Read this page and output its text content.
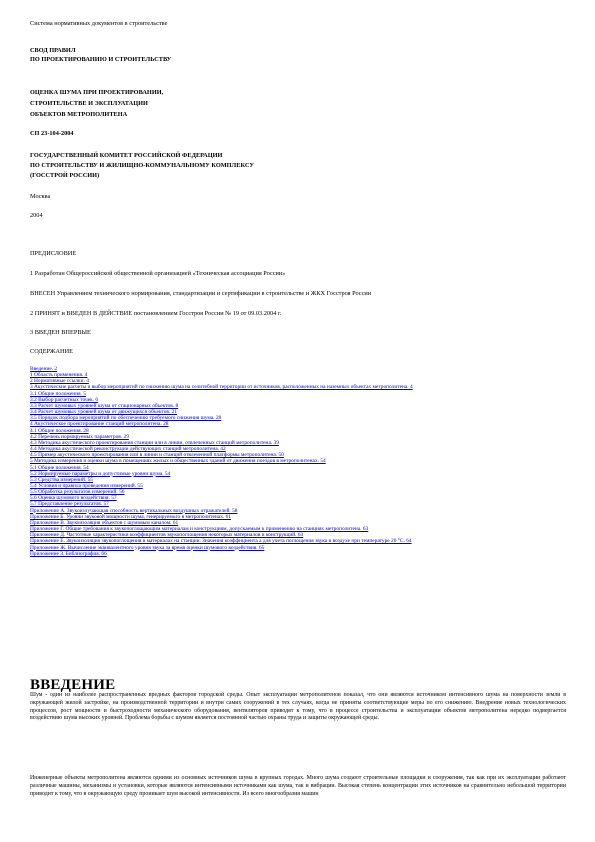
Система нормативных документов в строительстве
СВОД ПРАВИЛ
ПО ПРОЕКТИРОВАНИЮ И СТРОИТЕЛЬСТВУ
ОЦЕНКА ШУМА ПРИ ПРОЕКТИРОВАНИИ,
СТРОИТЕЛЬСТВЕ И ЭКСПЛУАТАЦИИ
ОБЪЕКТОВ МЕТРОПОЛИТЕНА
СП 23-104-2004
ГОСУДАРСТВЕННЫЙ КОМИТЕТ РОССИЙСКОЙ ФЕДЕРАЦИИ
ПО СТРОИТЕЛЬСТВУ И ЖИЛИЩНО-КОММУНАЛЬНОМУ КОМПЛЕКСУ
(ГОССТРОЙ РОССИИ)
Москва
2004
ПРЕДИСЛОВИЕ
1 Разработан Общероссийской общественной организацией «Техническая ассоциация России»
ВНЕСЕН Управлением технического нормирования, стандартизации и сертификации в строительстве и ЖКХ Госстроя России
2 ПРИНЯТ и ВВЕДЕН В ДЕЙСТВИЕ постановлением Госстроя России № 19 от 09.03.2004 г.
3 ВВЕДЕН ВПЕРВЫЕ
СОДЕРЖАНИЕ
Введение. 2
1 Область применения. 4
2 Нормативные ссылки. 4
3 Акустические расчеты и выбор мероприятий по снижению шума на селитебной территории от источников, расположенных на наземных объектах метрополитена. 4
3.1 Общие положения. 5
3.2 Выбор расчетных точек. 6
3.3 Расчет шумовых уровней шума от стационарных объектов. 8
3.4 Расчет шумовых уровней шума от движущихся объектов. 21
3.5 Порядок подбора мероприятий по обеспечению требуемого снижения шума. 28
4 Акустическое проектирование станций метрополитена. 28
4.1 Общие положения. 28
4.2 Перечень нормируемых параметров. 29
4.3 Методика акустического проектирования станции или в линии, отвлеченных станций метрополитена. 39
4.4 Методика акустической реконструкции действующих станций метрополитена. 42
4.5 Пример акустического проектирования или в линии и станций отвлеченной платформы метрополитена. 50
5 Методика измерения и оценки шума в помещениях жилых и общественных зданий от движения поездов в метрополитенах. 54
5.1 Общие положения. 54
5.2 Нормируемые параметры и допустимые уровни шума. 54
5.3 Средства измерений. 55
5.4 Условия и правила проведения измерений. 55
5.5 Обработка результатов измерений. 56
5.6 Оценка шумового воздействия. 57
5.7 Представление результатов. 57
Приложение А. Звукоизлучающая способность вертикальных воздушных отражателей. 58
Приложение Б. Уровни звуковой мощности шума, генерируемого в метрополитенах. 61
Приложение В. Звукоизоляция объектов с шумовым каналом. 61
Приложение Г. Общие требования к звукопоглощающим материалам и конструкциям, допускаемым к применению на станциях метрополитена. 63
Приложение Д. Частотные характеристики коэффициентов звукопоглощения некоторых материалов и конструкций. 63
Приложение Е. Звукоизоляция звукопоглощения в материалах на станции. Значения коэффициента а для учета поглощения звука в воздухе при температуре 20 °С. 64
Приложение Ж. Вычисление эквивалентного уровня звука за время оценки шумового воздействия. 65
Приложение З. Библиография. 66
ВВЕДЕНИЕ

Шум - один из наиболее распространенных вредных факторов городской среды. Опыт эксплуатации метрополитенов показал, что они являются источником интенсивного шума на поверхности земли в окружающей жилой застройке, на производственной территории и внутри самих сооружений в тех случаях, когда не приняты соответствующие меры по его снижению. Внедрение новых технологических процессов, рост мощности и быстроходности механического оборудования, вентиляторов приводят к тому, что в процессе строительства и эксплуатации объектов метрополитена нередко подвергается воздействию шума высоких уровней. Проблема борьбы с шумом является постоянной частью охраны труда и защиты окружающей среды.

Инженерные объекты метрополитена являются одними из основных источников шума в крупных городах. Много шума создают строительные площадки и сооружения, так как при их эксплуатации работают различные машины, механизмы и установки, которые являются интенсивными источниками как шума, так и вибрации. Высокая степень концентрации этих источников на сравнительно небольшой территории приводит к тому, что в окружающую среду проникает шум высокой интенсивности. Из всего многообразия машин
